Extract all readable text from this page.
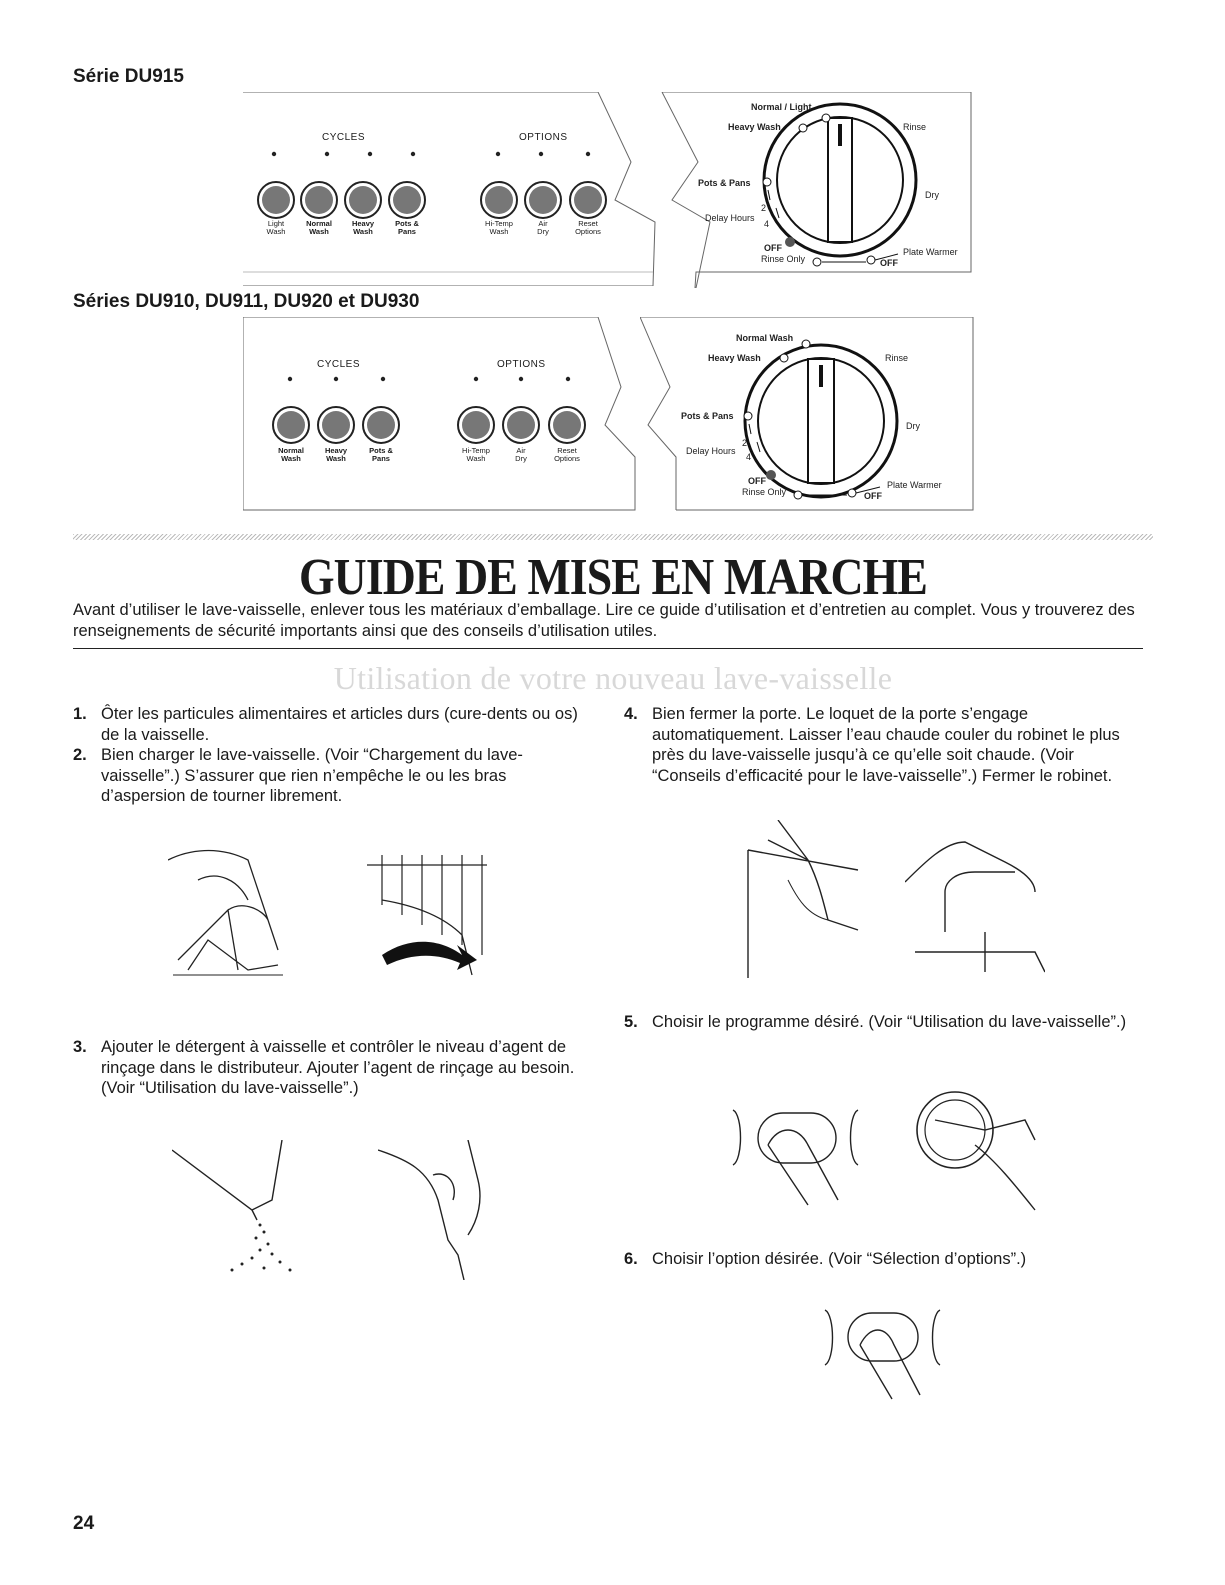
Série DU915
CYCLES	OPTIONS
Light
Wash
Normal
Wash
Heavy
Wash
Pots &
Pans
Hi-Temp
Wash
Air
Dry
Reset
Options
Normal / Light
Heavy Wash	Rinse
Pots & Pans
Dry
2
Delay Hours
4
OFF
Rinse Only
Plate Warmer
OFF
Séries DU910, DU911, DU920 et DU930
CYCLES	OPTIONS
Normal
Wash
Heavy
Wash
Pots &
Pans
Hi-Temp
Wash
Air
Dry
Reset
Options
Normal Wash
Heavy Wash	Rinse
Pots & Pans
Dry
2
Delay Hours
4
OFF
Rinse Only
Plate Warmer
OFF
GUIDE DE MISE EN MARCHE
Avant d’utiliser le lave-vaisselle, enlever tous les matériaux d’emballage. Lire ce guide d’utilisation et d’entretien au complet. Vous y trouverez des renseignements de sécurité importants ainsi que des conseils d’utilisation utiles.
Utilisation de votre nouveau lave-vaisselle
1. Ôter les particules alimentaires et articles durs (cure-dents ou os) de la vaisselle.
2. Bien charger le lave-vaisselle. (Voir “Chargement du lave-vaisselle”.) S’assurer que rien n’empêche le ou les bras d’aspersion de tourner librement.
3. Ajouter le détergent à vaisselle et contrôler le niveau d’agent de rinçage dans le distributeur. Ajouter l’agent de rinçage au besoin. (Voir “Utilisation du lave-vaisselle”.)
4. Bien fermer la porte. Le loquet de la porte s’engage automatiquement. Laisser l’eau chaude couler du robinet le plus près du lave-vaisselle jusqu’à ce qu’elle soit chaude. (Voir “Conseils d’efficacité pour le lave-vaisselle”.) Fermer le robinet.
5. Choisir le programme désiré. (Voir “Utilisation du lave-vaisselle”.)
6. Choisir l’option désirée. (Voir “Sélection d’options”.)
24
